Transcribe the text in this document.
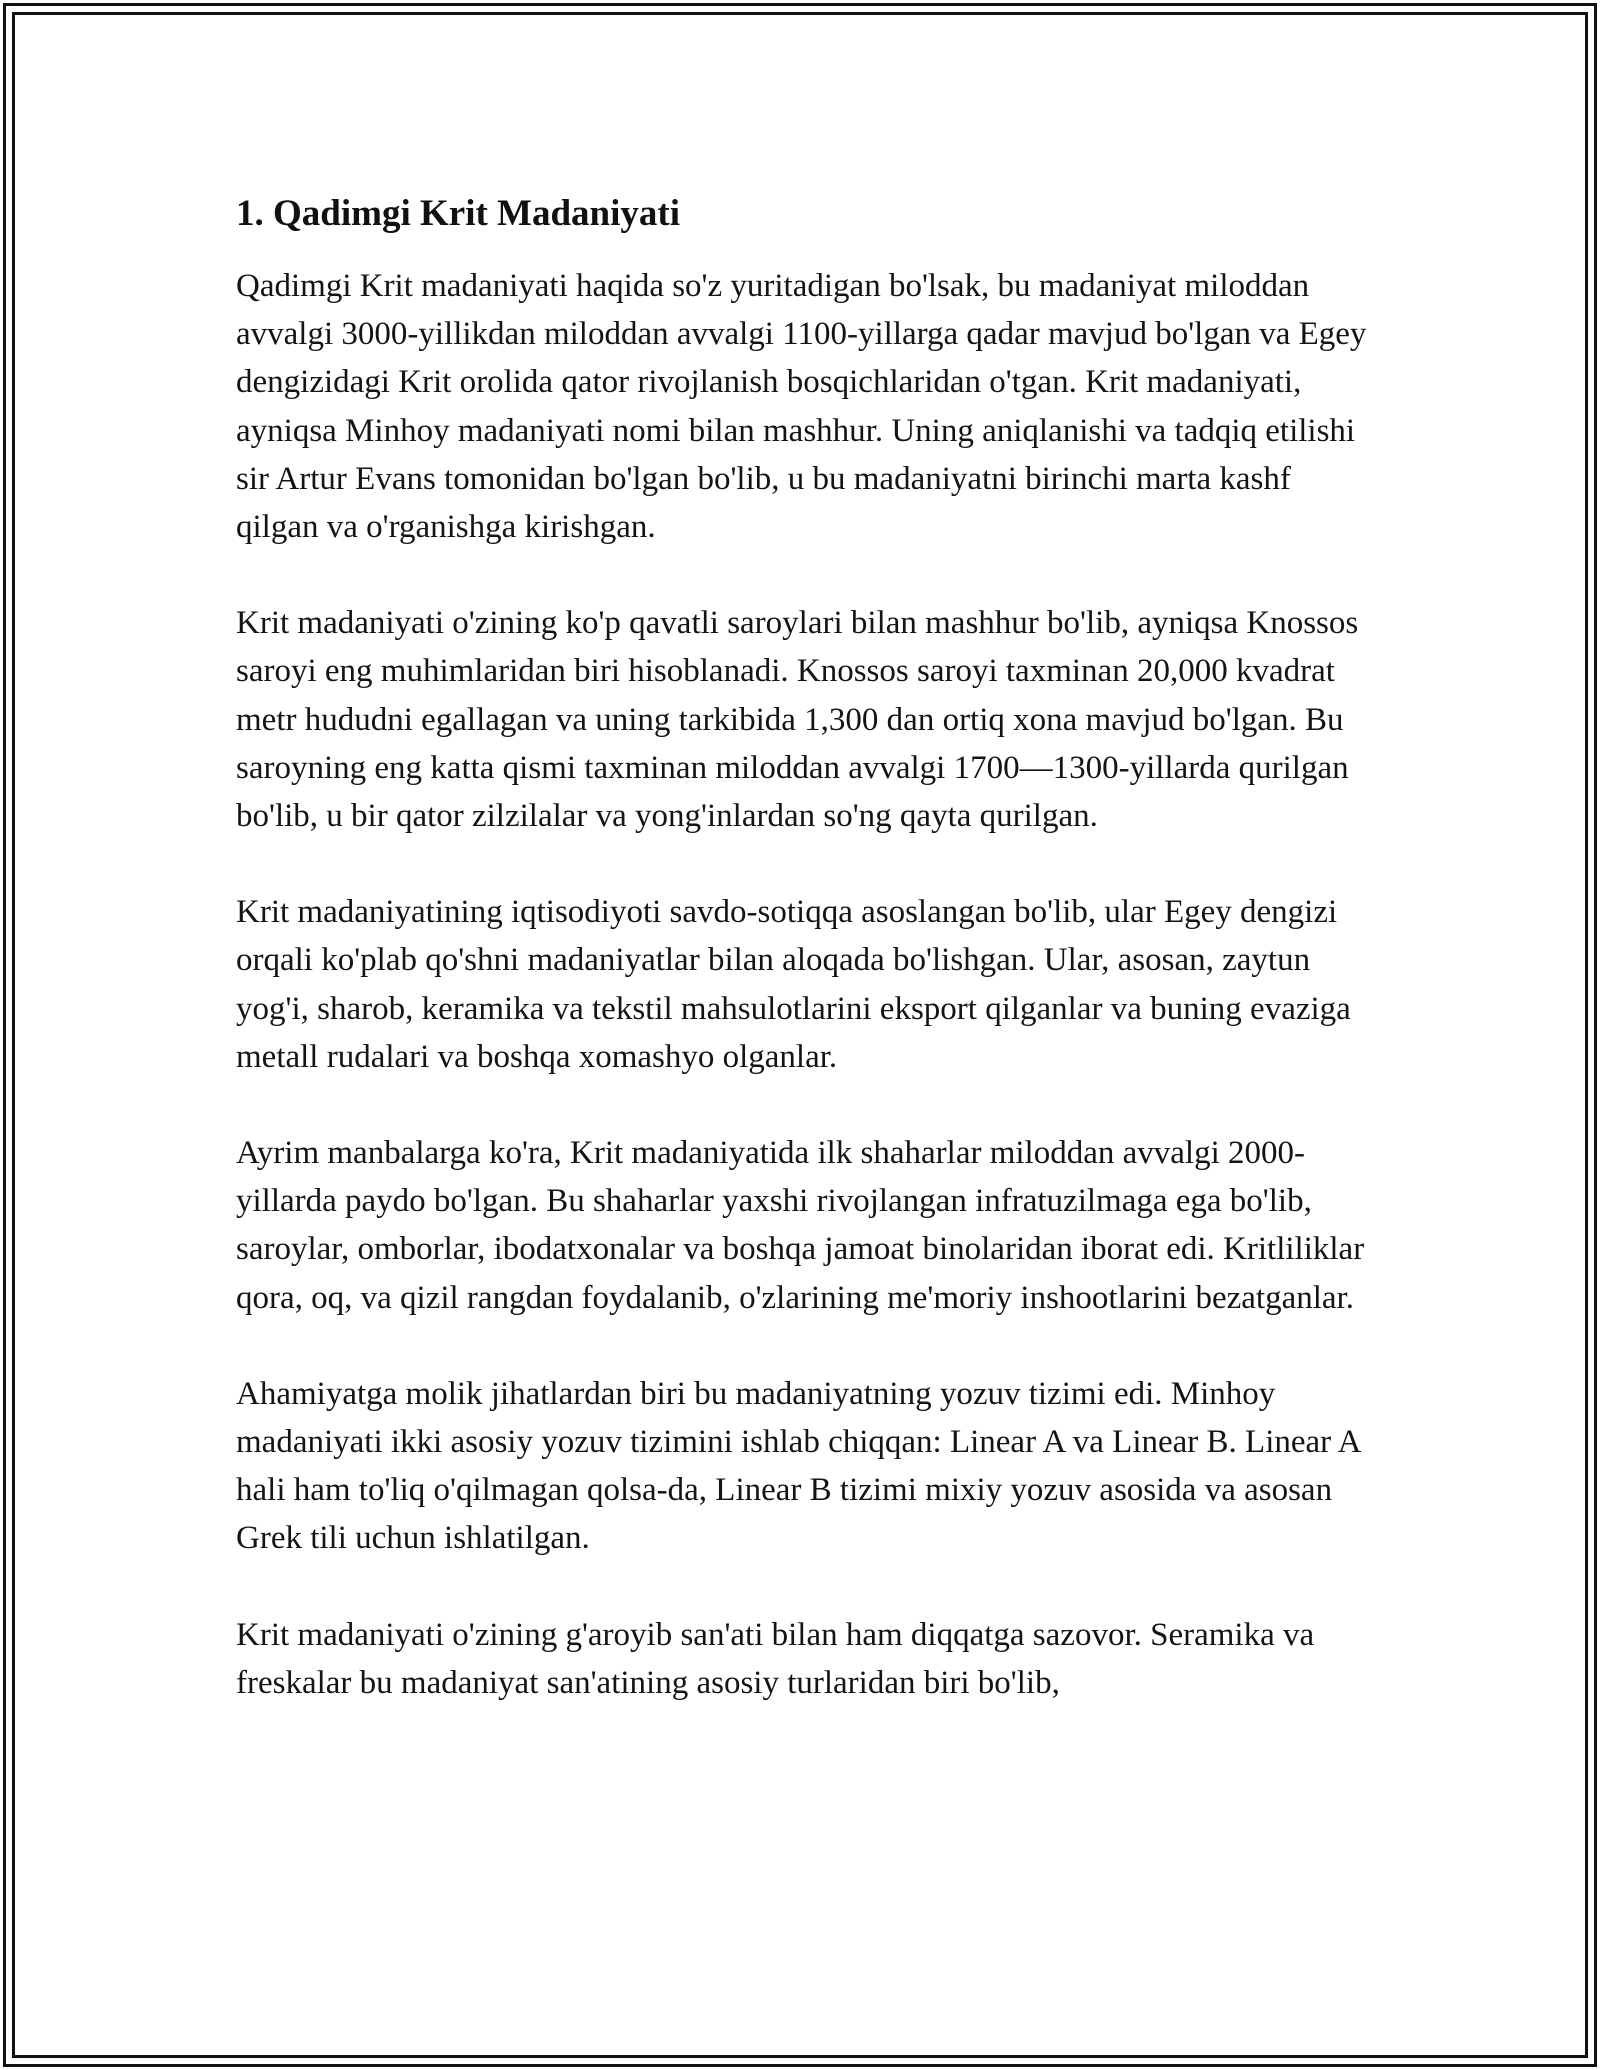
1. Qadimgi Krit Madaniyati

Qadimgi Krit madaniyati haqida so'z yuritadigan bo'lsak, bu madaniyat miloddan avvalgi 3000-yillikdan miloddan avvalgi 1100-yillarga qadar mavjud bo'lgan va Egey dengizidagi Krit orolida qator rivojlanish bosqichlaridan o'tgan. Krit madaniyati, ayniqsa Minhoy madaniyati nomi bilan mashhur. Uning aniqlanishi va tadqiq etilishi sir Artur Evans tomonidan bo'lgan bo'lib, u bu madaniyatni birinchi marta kashf qilgan va o'rganishga kirishgan.

Krit madaniyati o'zining ko'p qavatli saroylari bilan mashhur bo'lib, ayniqsa Knossos saroyi eng muhimlaridan biri hisoblanadi. Knossos saroyi taxminan 20,000 kvadrat metr hududni egallagan va uning tarkibida 1,300 dan ortiq xona mavjud bo'lgan. Bu saroyning eng katta qismi taxminan miloddan avvalgi 1700—1300-yillarda qurilgan bo'lib, u bir qator zilzilalar va yong'inlardan so'ng qayta qurilgan.

Krit madaniyatining iqtisodiyoti savdo-sotiqqa asoslangan bo'lib, ular Egey dengizi orqali ko'plab qo'shni madaniyatlar bilan aloqada bo'lishgan. Ular, asosan, zaytun yog'i, sharob, keramika va tekstil mahsulotlarini eksport qilganlar va buning evaziga metall rudalari va boshqa xomashyo olganlar.

Ayrim manbalarga ko'ra, Krit madaniyatida ilk shaharlar miloddan avvalgi 2000-yillarda paydo bo'lgan. Bu shaharlar yaxshi rivojlangan infratuzilmaga ega bo'lib, saroylar, omborlar, ibodatxonalar va boshqa jamoat binolaridan iborat edi. Kritliliklar qora, oq, va qizil rangdan foydalanib, o'zlarining me'moriy inshootlarini bezatganlar.

Ahamiyatga molik jihatlardan biri bu madaniyatning yozuv tizimi edi. Minhoy madaniyati ikki asosiy yozuv tizimini ishlab chiqqan: Linear A va Linear B. Linear A hali ham to'liq o'qilmagan qolsa-da, Linear B tizimi mixiy yozuv asosida va asosan Grek tili uchun ishlatilgan.

Krit madaniyati o'zining g'aroyib san'ati bilan ham diqqatga sazovor. Seramika va freskalar bu madaniyat san'atining asosiy turlaridan biri bo'lib,
